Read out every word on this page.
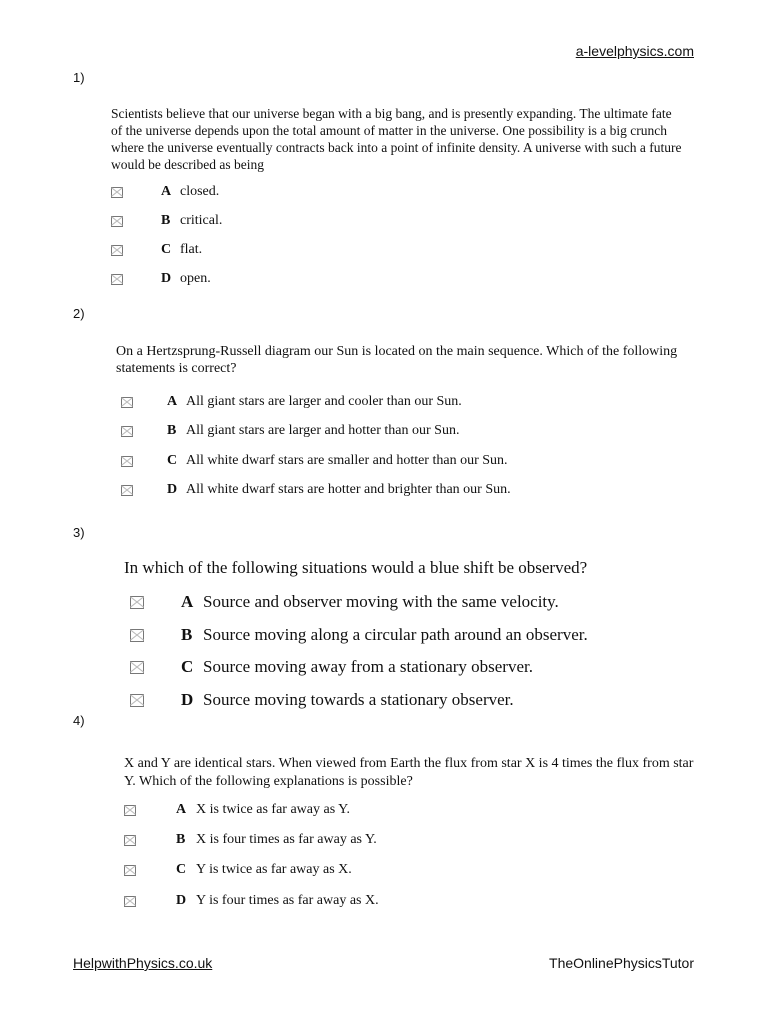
a-levelphysics.com
1)
Scientists believe that our universe began with a big bang, and is presently expanding. The ultimate fate of the universe depends upon the total amount of matter in the universe. One possibility is a big crunch where the universe eventually contracts back into a point of infinite density. A universe with such a future would be described as being
A closed.
B critical.
C flat.
D open.
2)
On a Hertzsprung-Russell diagram our Sun is located on the main sequence. Which of the following statements is correct?
A All giant stars are larger and cooler than our Sun.
B All giant stars are larger and hotter than our Sun.
C All white dwarf stars are smaller and hotter than our Sun.
D All white dwarf stars are hotter and brighter than our Sun.
3)
In which of the following situations would a blue shift be observed?
A Source and observer moving with the same velocity.
B Source moving along a circular path around an observer.
C Source moving away from a stationary observer.
D Source moving towards a stationary observer.
4)
X and Y are identical stars. When viewed from Earth the flux from star X is 4 times the flux from star Y. Which of the following explanations is possible?
A X is twice as far away as Y.
B X is four times as far away as Y.
C Y is twice as far away as X.
D Y is four times as far away as X.
HelpwithPhysics.co.uk	TheOnlinePhysicsTutor
